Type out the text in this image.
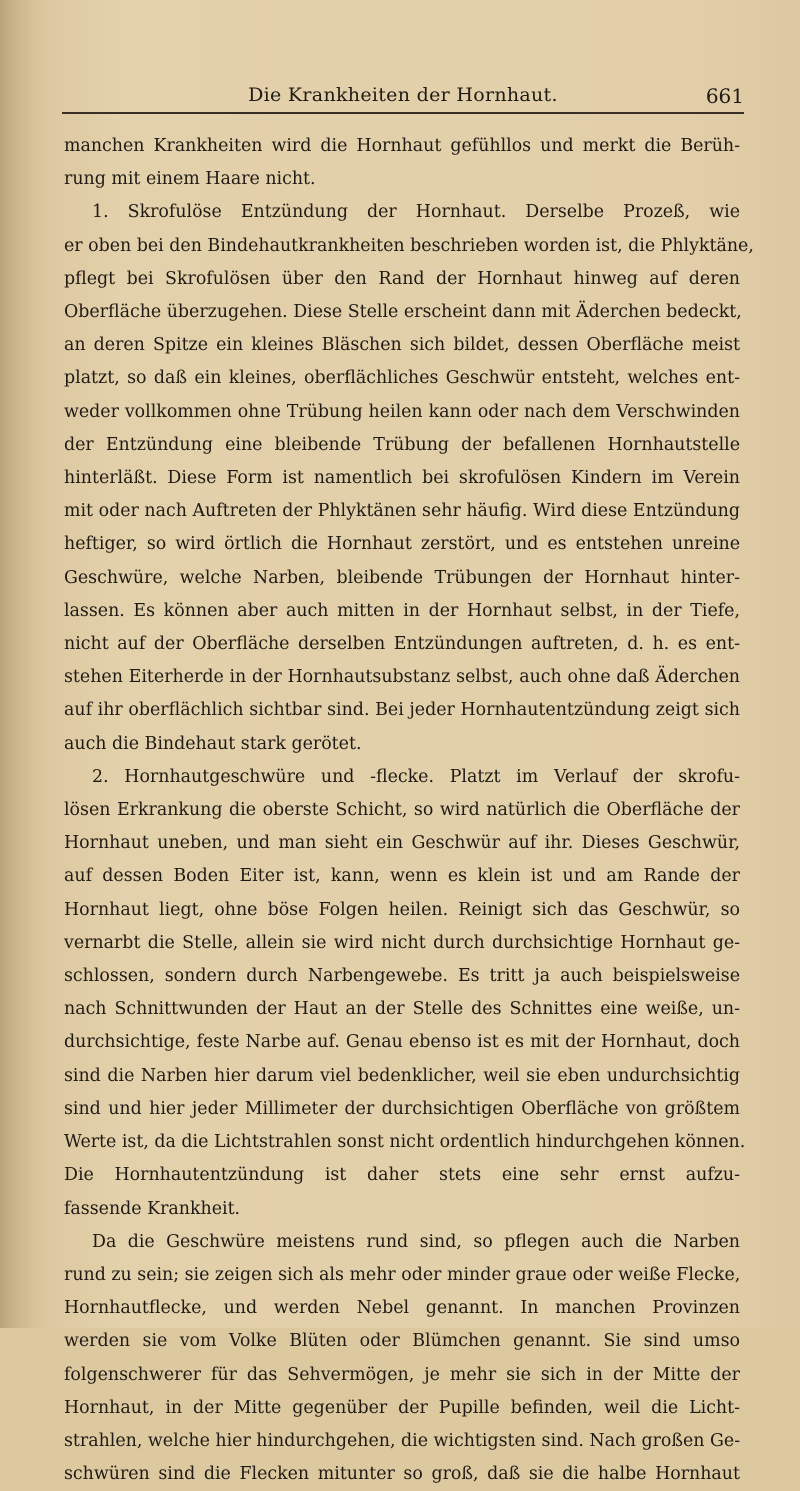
Die Krankheiten der Hornhaut.	661
manchen Krankheiten wird die Hornhaut gefühllos und merkt die Berüh-
rung mit einem Haare nicht.
1. Skrofulöse Entzündung der Hornhaut. Derselbe Prozeß, wie
er oben bei den Bindehautkrankheiten beschrieben worden ist, die Phlyktäne,
pflegt bei Skrofulösen über den Rand der Hornhaut hinweg auf deren
Oberfläche überzugehen. Diese Stelle erscheint dann mit Äderchen bedeckt,
an deren Spitze ein kleines Bläschen sich bildet, dessen Oberfläche meist
platzt, so daß ein kleines, oberflächliches Geschwür entsteht, welches ent-
weder vollkommen ohne Trübung heilen kann oder nach dem Verschwinden
der Entzündung eine bleibende Trübung der befallenen Hornhautstelle
hinterläßt. Diese Form ist namentlich bei skrofulösen Kindern im Verein
mit oder nach Auftreten der Phlyktänen sehr häufig. Wird diese Entzündung
heftiger, so wird örtlich die Hornhaut zerstört, und es entstehen unreine
Geschwüre, welche Narben, bleibende Trübungen der Hornhaut hinter-
lassen. Es können aber auch mitten in der Hornhaut selbst, in der Tiefe,
nicht auf der Oberfläche derselben Entzündungen auftreten, d. h. es ent-
stehen Eiterherde in der Hornhautsubstanz selbst, auch ohne daß Äderchen
auf ihr oberflächlich sichtbar sind. Bei jeder Hornhautentzündung zeigt sich
auch die Bindehaut stark gerötet.
2. Hornhautgeschwüre und -flecke. Platzt im Verlauf der skrofu-
lösen Erkrankung die oberste Schicht, so wird natürlich die Oberfläche der
Hornhaut uneben, und man sieht ein Geschwür auf ihr. Dieses Geschwür,
auf dessen Boden Eiter ist, kann, wenn es klein ist und am Rande der
Hornhaut liegt, ohne böse Folgen heilen. Reinigt sich das Geschwür, so
vernarbt die Stelle, allein sie wird nicht durch durchsichtige Hornhaut ge-
schlossen, sondern durch Narbengewebe. Es tritt ja auch beispielsweise
nach Schnittwunden der Haut an der Stelle des Schnittes eine weiße, un-
durchsichtige, feste Narbe auf. Genau ebenso ist es mit der Hornhaut, doch
sind die Narben hier darum viel bedenklicher, weil sie eben undurchsichtig
sind und hier jeder Millimeter der durchsichtigen Oberfläche von größtem
Werte ist, da die Lichtstrahlen sonst nicht ordentlich hindurchgehen können.
Die Hornhautentzündung ist daher stets eine sehr ernst aufzu-
fassende Krankheit.
Da die Geschwüre meistens rund sind, so pflegen auch die Narben
rund zu sein; sie zeigen sich als mehr oder minder graue oder weiße Flecke,
Hornhautflecke, und werden Nebel genannt. In manchen Provinzen
werden sie vom Volke Blüten oder Blümchen genannt. Sie sind umso
folgenschwerer für das Sehvermögen, je mehr sie sich in der Mitte der
Hornhaut, in der Mitte gegenüber der Pupille befinden, weil die Licht-
strahlen, welche hier hindurchgehen, die wichtigsten sind. Nach großen Ge-
schwüren sind die Flecken mitunter so groß, daß sie die halbe Hornhaut
